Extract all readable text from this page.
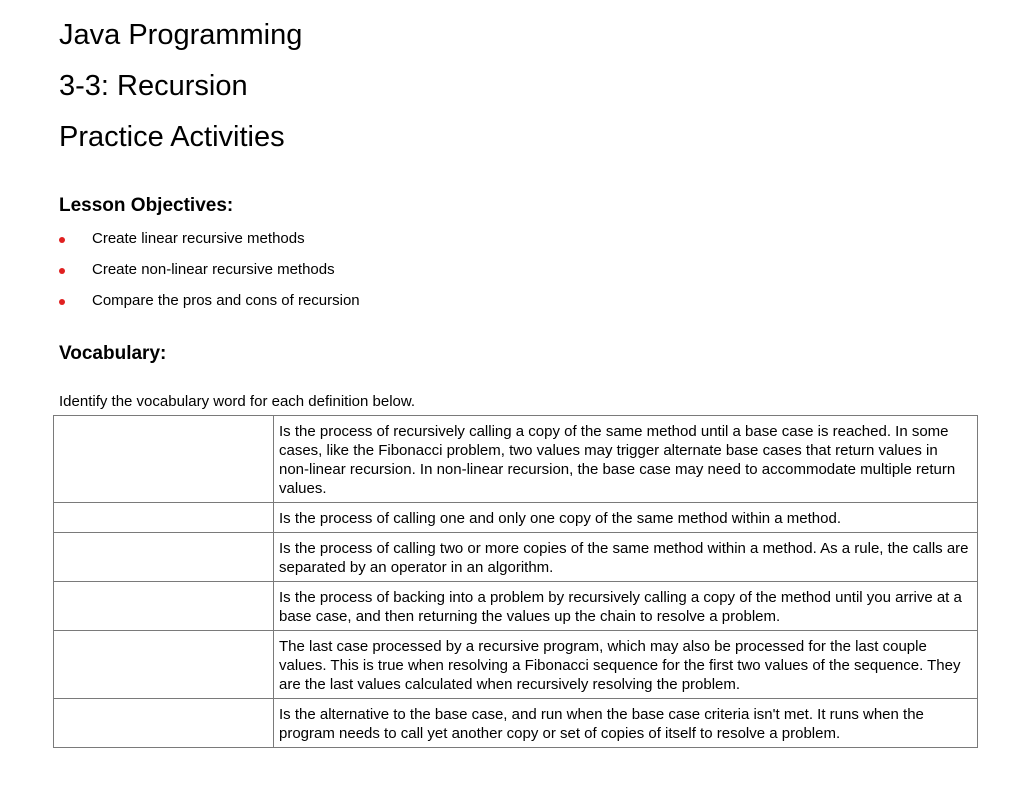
Java Programming
3-3: Recursion
Practice Activities
Lesson Objectives:
Create linear recursive methods
Create non-linear recursive methods
Compare the pros and cons of recursion
Vocabulary:

Identify the vocabulary word for each definition below.

	Is the process of recursively calling a copy of the same method until a base case is reached. In some cases, like the Fibonacci problem, two values may trigger alternate base cases that return values in non-linear recursion. In non-linear recursion, the base case may need to accommodate multiple return values.
	Is the process of calling one and only one copy of the same method within a method.
	Is the process of calling two or more copies of the same method within a method. As a rule, the calls are separated by an operator in an algorithm.
	Is the process of backing into a problem by recursively calling a copy of the method until you arrive at a base case, and then returning the values up the chain to resolve a problem.
	The last case processed by a recursive program, which may also be processed for the last couple values. This is true when resolving a Fibonacci sequence for the first two values of the sequence. They are the last values calculated when recursively resolving the problem.
	Is the alternative to the base case, and run when the base case criteria isn't met. It runs when the program needs to call yet another copy or set of copies of itself to resolve a problem.
